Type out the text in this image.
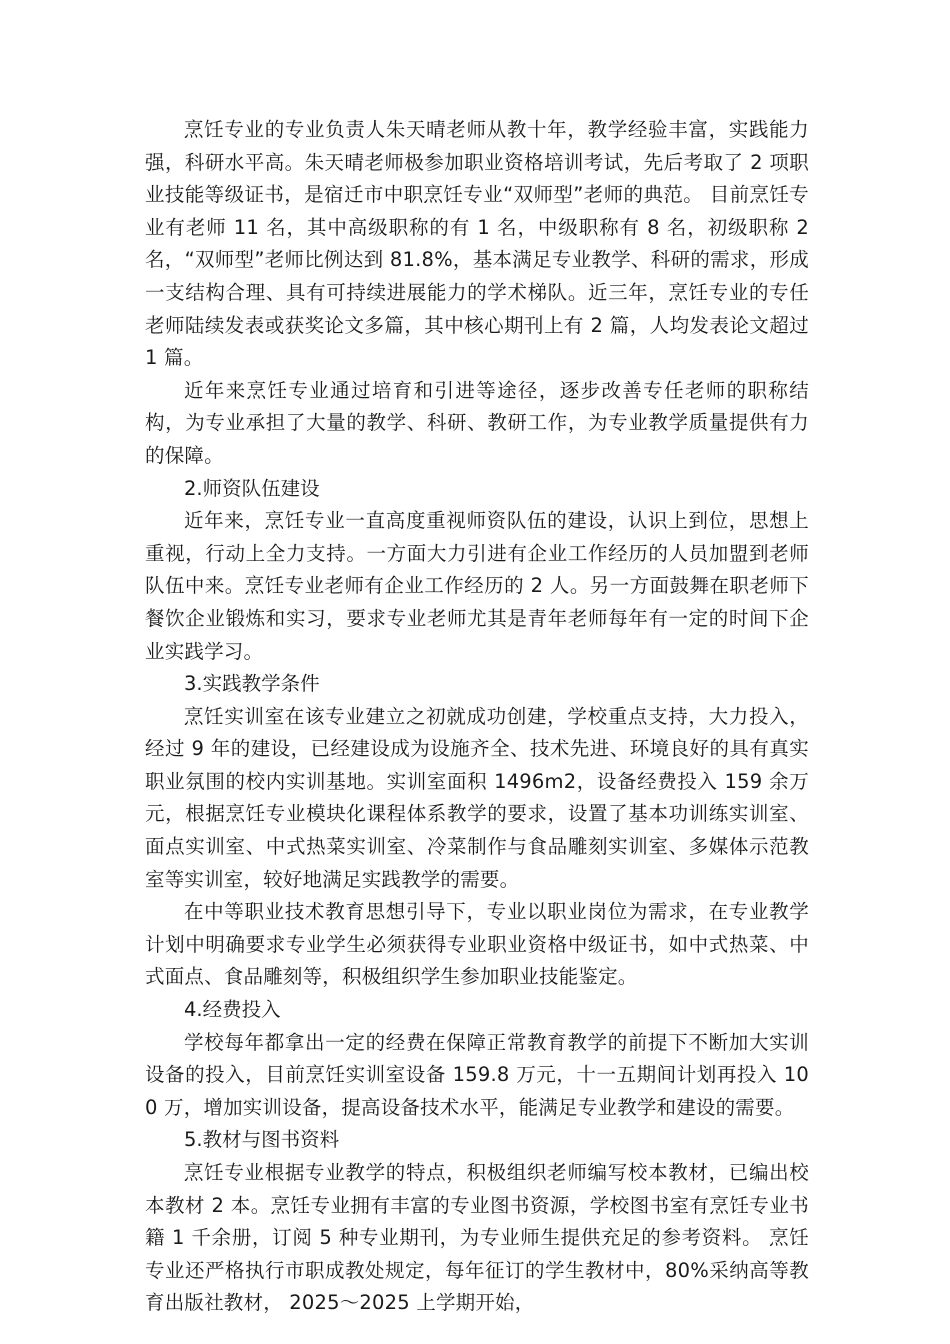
烹饪专业的专业负责人朱天晴老师从教十年，教学经验丰富，实践能力强，科研水平高。朱天晴老师极参加职业资格培训考试，先后考取了 2 项职业技能等级证书，是宿迁市中职烹饪专业“双师型”老师的典范。 目前烹饪专业有老师 11 名，其中高级职称的有 1 名，中级职称有 8 名，初级职称 2 名，“双师型”老师比例达到 81.8%，基本满足专业教学、科研的需求，形成一支结构合理、具有可持续进展能力的学术梯队。近三年，烹饪专业的专任老师陆续发表或获奖论文多篇，其中核心期刊上有 2 篇，人均发表论文超过 1 篇。

近年来烹饪专业通过培育和引进等途径，逐步改善专任老师的职称结构，为专业承担了大量的教学、科研、教研工作，为专业教学质量提供有力的保障。

2.师资队伍建设

近年来，烹饪专业一直高度重视师资队伍的建设，认识上到位，思想上重视，行动上全力支持。一方面大力引进有企业工作经历的人员加盟到老师队伍中来。烹饪专业老师有企业工作经历的 2 人。另一方面鼓舞在职老师下餐饮企业锻炼和实习，要求专业老师尤其是青年老师每年有一定的时间下企业实践学习。

3.实践教学条件

烹饪实训室在该专业建立之初就成功创建，学校重点支持，大力投入，经过 9 年的建设，已经建设成为设施齐全、技术先进、环境良好的具有真实职业氛围的校内实训基地。实训室面积 1496m2，设备经费投入 159 余万元，根据烹饪专业模块化课程体系教学的要求，设置了基本功训练实训室、面点实训室、中式热菜实训室、冷菜制作与食品雕刻实训室、多媒体示范教室等实训室，较好地满足实践教学的需要。

在中等职业技术教育思想引导下，专业以职业岗位为需求，在专业教学计划中明确要求专业学生必须获得专业职业资格中级证书，如中式热菜、中式面点、食品雕刻等，积极组织学生参加职业技能鉴定。

4.经费投入

学校每年都拿出一定的经费在保障正常教育教学的前提下不断加大实训设备的投入，目前烹饪实训室设备 159.8 万元，十一五期间计划再投入 100 万，增加实训设备，提高设备技术水平，能满足专业教学和建设的需要。

5.教材与图书资料

烹饪专业根据专业教学的特点，积极组织老师编写校本教材，已编出校本教材 2 本。烹饪专业拥有丰富的专业图书资源，学校图书室有烹饪专业书籍 1 千余册，订阅 5 种专业期刊，为专业师生提供充足的参考资料。 烹饪专业还严格执行市职成教处规定，每年征订的学生教材中，80%采纳高等教育出版社教材， 2025～2025 上学期开始，
